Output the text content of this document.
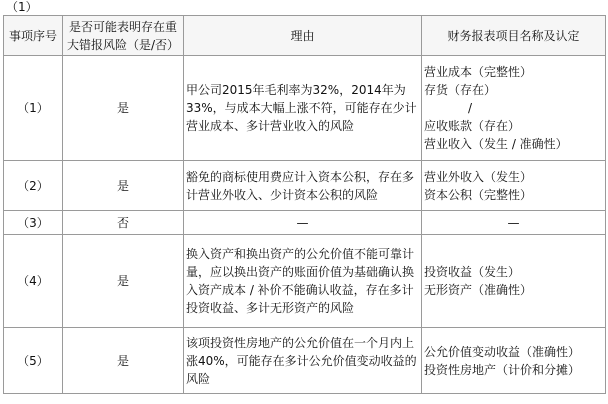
（1）
事项序号	是否可能表明存在重大错报风险（是/否）	理由	财务报表项目名称及认定
（1）	是	甲公司2015年毛利率为32%，2014年为33%，与成本大幅上涨不符，可能存在少计营业成本、多计营业收入的风险	营业成本（完整性）
存货（存在）
/
应收账款（存在）
营业收入（发生 / 准确性）

（2）	是	豁免的商标使用费应计入资本公积，存在多计营业外收入、少计资本公积的风险	营业外收入（发生）
资本公积（完整性）

（3）	否	—	—
（4）	是	换入资产和换出资产的公允价值不能可靠计量，应以换出资产的账面价值为基础确认换入资产成本 / 补价不能确认收益，存在多计投资收益、多计无形资产的风险	投资收益（发生）
无形资产（准确性）

（5）	是	该项投资性房地产的公允价值在一个月内上涨40%，可能存在多计公允价值变动收益的风险	公允价值变动收益（准确性）
投资性房地产（计价和分摊）
